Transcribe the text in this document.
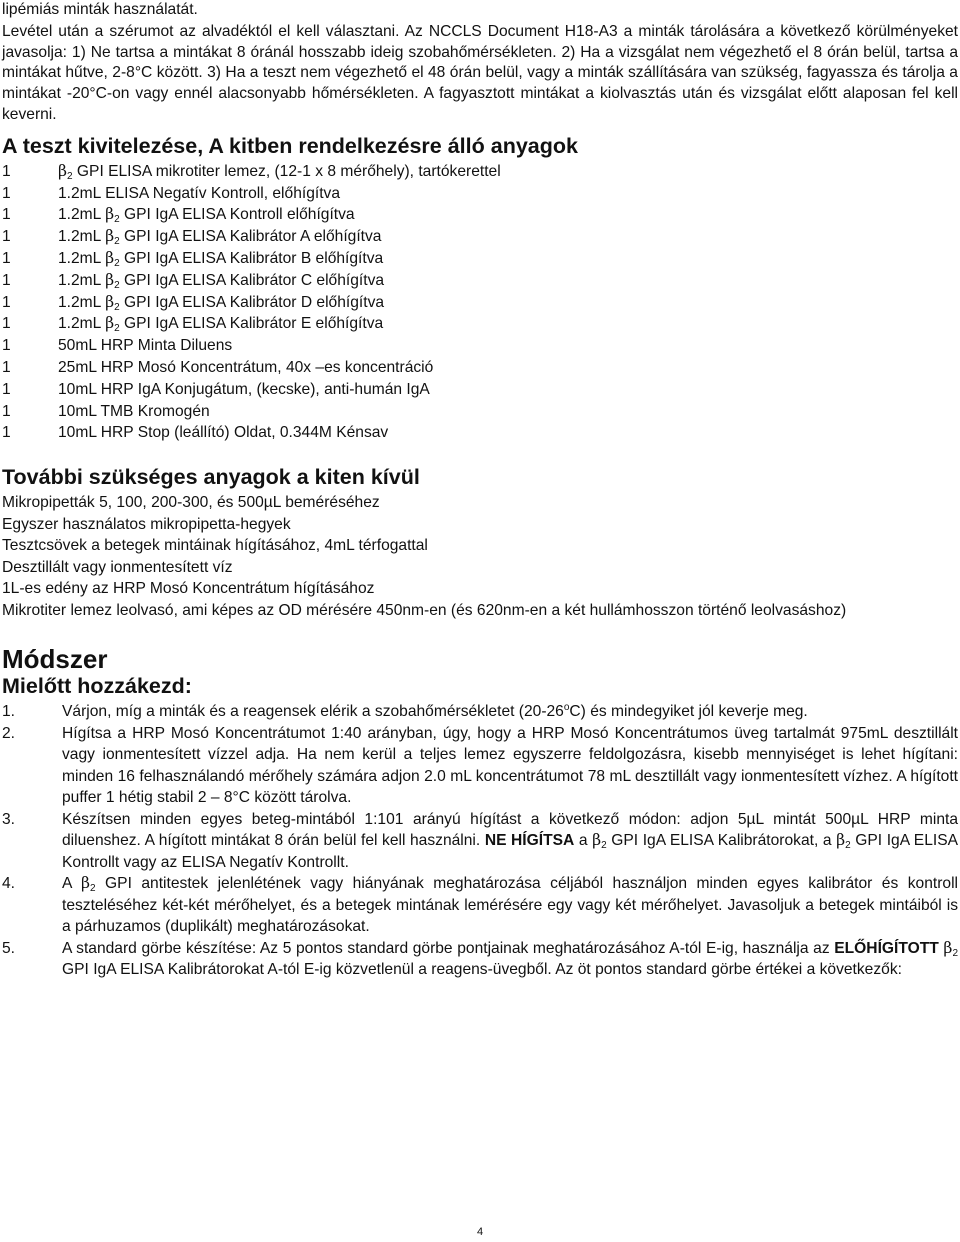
lipémiás minták használatát.

Levétel után a szérumot az alvadéktól el kell választani. Az NCCLS Document H18-A3 a minták tárolására a következő körülményeket javasolja: 1) Ne tartsa a mintákat 8 óránál hosszabb ideig szobahőmérsékleten. 2) Ha a vizsgálat nem végezhető el 8 órán belül, tartsa a mintákat hűtve, 2-8°C között. 3) Ha a teszt nem végezhető el 48 órán belül, vagy a minták szállítására van szükség, fagyassza és tárolja a mintákat -20°C-on vagy ennél alacsonyabb hőmérsékleten. A fagyasztott mintákat a kiolvasztás után és vizsgálat előtt alaposan fel kell keverni.

A teszt kivitelezése, A kitben rendelkezésre álló anyagok
1	$\beta_2$ GPI ELISA mikrotiter lemez, (12-1 x 8 mérőhely), tartókerettel
1	1.2mL ELISA Negatív Kontroll, előhígítva
1	1.2mL $\beta_2$ GPI IgA ELISA Kontroll előhígítva
1	1.2mL $\beta_2$ GPI IgA ELISA Kalibrátor A előhígítva
1	1.2mL $\beta_2$ GPI IgA ELISA Kalibrátor B előhígítva
1	1.2mL $\beta_2$ GPI IgA ELISA Kalibrátor C előhígítva
1	1.2mL $\beta_2$ GPI IgA ELISA Kalibrátor D előhígítva
1	1.2mL $\beta_2$ GPI IgA ELISA Kalibrátor E előhígítva
1	50mL HRP Minta Diluens
1	25mL HRP Mosó Koncentrátum, 40x –es koncentráció
1	10mL HRP IgA Konjugátum, (kecske), anti-humán IgA
1	10mL TMB Kromogén
1	10mL HRP Stop (leállító) Oldat, 0.344M Kénsav
További szükséges anyagok a kiten kívül

Mikropipetták 5, 100, 200-300, és 500µL beméréséhez

Egyszer használatos mikropipetta-hegyek

Tesztcsövek a betegek mintáinak hígításához, 4mL térfogattal

Desztillált vagy ionmentesített víz

1L-es edény az HRP Mosó Koncentrátum hígításához

Mikrotiter lemez leolvasó, ami képes az OD mérésére 450nm-en (és 620nm-en a két hullámhosszon történő leolvasáshoz)

Módszer
Mielőtt hozzákezd:
1.	Várjon, míg a minták és a reagensek elérik a szobahőmérsékletet (20-26$^o$C) és mindegyiket jól keverje meg.
2.	Hígítsa a HRP Mosó Koncentrátumot 1:40 arányban, úgy, hogy a HRP Mosó Koncentrátumos üveg tartalmát 975mL desztillált vagy ionmentesített vízzel adja. Ha nem kerül a teljes lemez egyszerre feldolgozásra, kisebb mennyiséget is lehet hígítani: minden 16 felhasználandó mérőhely számára adjon 2.0 mL koncentrátumot 78 mL desztillált vagy ionmentesített vízhez. A hígított puffer 1 hétig stabil 2 – 8°C között tárolva.
3.	Készítsen minden egyes beteg-mintából 1:101 arányú hígítást a következő módon: adjon 5µL mintát 500µL HRP minta diluenshez. A hígított mintákat 8 órán belül fel kell használni. NE HÍGÍTSA a $\beta_2$ GPI IgA ELISA Kalibrátorokat, a $\beta_2$ GPI IgA ELISA Kontrollt vagy az ELISA Negatív Kontrollt.
4.	A $\beta_2$ GPI antitestek jelenlétének vagy hiányának meghatározása céljából használjon minden egyes kalibrátor és kontroll teszteléséhez két-két mérőhelyet, és a betegek mintának lemérésére egy vagy két mérőhelyet. Javasoljuk a betegek mintáiból is a párhuzamos (duplikált) meghatározásokat.
5.	A standard görbe készítése: Az 5 pontos standard görbe pontjainak meghatározásához A-tól E-ig, használja az ELŐHÍGÍTOTT $\beta_2$ GPI IgA ELISA Kalibrátorokat A-tól E-ig közvetlenül a reagens-üvegből. Az öt pontos standard görbe értékei a következők:
4
